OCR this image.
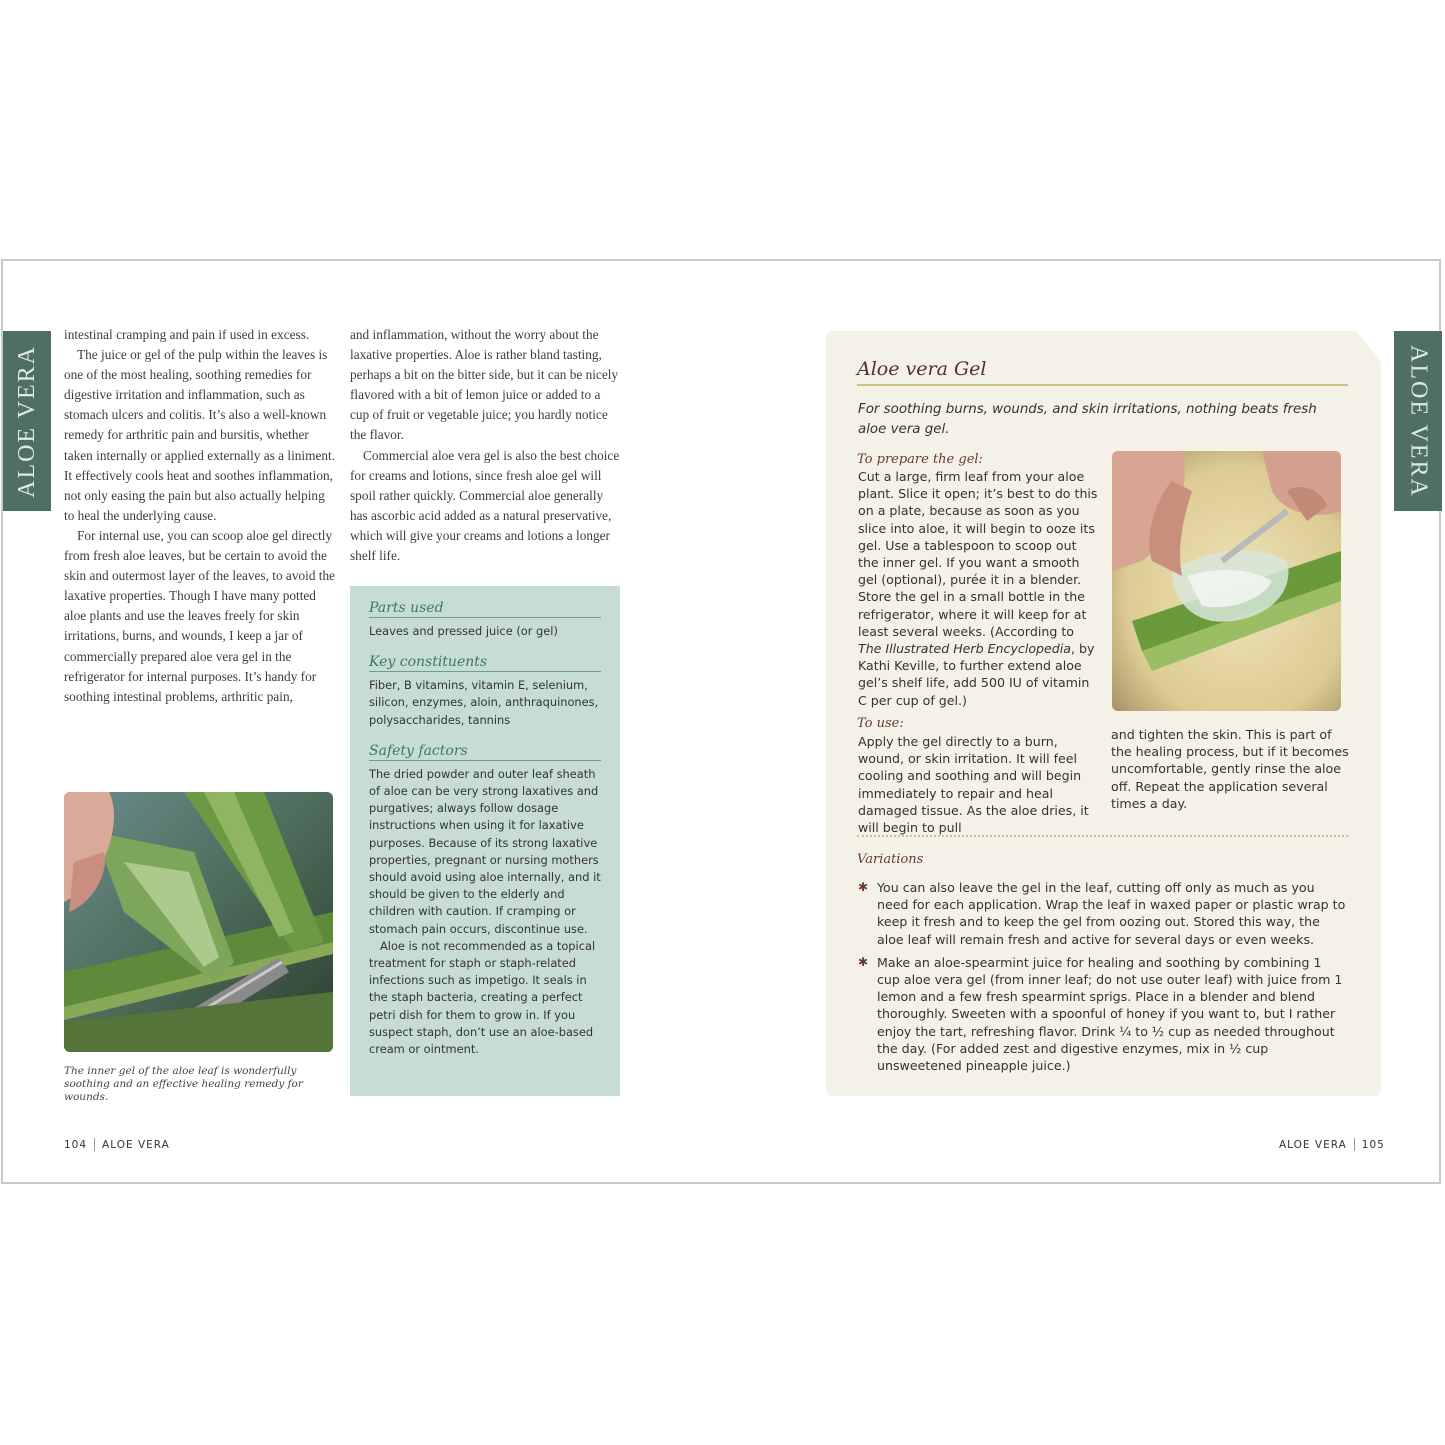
ALOE VERA

intestinal cramping and pain if used in excess.

The juice or gel of the pulp within the leaves is one of the most healing, soothing remedies for digestive irritation and inflammation, such as stomach ulcers and colitis. It’s also a well-known remedy for arthritic pain and bursitis, whether taken internally or applied externally as a liniment. It effectively cools heat and soothes inflammation, not only easing the pain but also actually helping to heal the underlying cause.

For internal use, you can scoop aloe gel directly from fresh aloe leaves, but be certain to avoid the skin and outermost layer of the leaves, to avoid the laxative properties. Though I have many potted aloe plants and use the leaves freely for skin irritations, burns, and wounds, I keep a jar of commercially prepared aloe vera gel in the refrigerator for internal purposes. It’s handy for soothing intestinal problems, arthritic pain,

and inflammation, without the worry about the laxative properties. Aloe is rather bland tasting, perhaps a bit on the bitter side, but it can be nicely flavored with a bit of lemon juice or added to a cup of fruit or vegetable juice; you hardly notice the flavor.

Commercial aloe vera gel is also the best choice for creams and lotions, since fresh aloe gel will spoil rather quickly. Commercial aloe generally has ascorbic acid added as a natural preservative, which will give your creams and lotions a longer shelf life.

The inner gel of the aloe leaf is wonderfully soothing and an effective healing remedy for wounds.
Parts used

Leaves and pressed juice (or gel)

Key constituents

Fiber, B vitamins, vitamin E, selenium, silicon, enzymes, aloin, anthraquinones, polysaccharides, tannins

Safety factors

The dried powder and outer leaf sheath of aloe can be very strong laxatives and purgatives; always follow dosage instructions when using it for laxative purposes. Because of its strong laxative properties, pregnant or nursing mothers should avoid using aloe internally, and it should be given to the elderly and children with caution. If cramping or stomach pain occurs, discontinue use.

Aloe is not recommended as a topical treatment for staph or staph-related infections such as impetigo. It seals in the staph bacteria, creating a perfect petri dish for them to grow in. If you suspect staph, don’t use an aloe-based cream or ointment.

104 ALOE VERA
Aloe vera Gel
For soothing burns, wounds, and skin irritations, nothing beats fresh aloe vera gel.
To prepare the gel:
Cut a large, firm leaf from your aloe plant. Slice it open; it’s best to do this on a plate, because as soon as you slice into aloe, it will begin to ooze its gel. Use a tablespoon to scoop out the inner gel. If you want a smooth gel (optional), purée it in a blender. Store the gel in a small bottle in the refrigerator, where it will keep for at least several weeks. (According to The Illustrated Herb Encyclopedia, by Kathi Keville, to further extend aloe gel’s shelf life, add 500 IU of vitamin C per cup of gel.)
To use:
Apply the gel directly to a burn, wound, or skin irritation. It will feel cooling and soothing and will begin immediately to repair and heal damaged tissue. As the aloe dries, it will begin to pull
and tighten the skin. This is part of the healing process, but if it becomes uncomfortable, gently rinse the aloe off. Repeat the application several times a day.
Variations
✱ You can also leave the gel in the leaf, cutting off only as much as you need for each application. Wrap the leaf in waxed paper or plastic wrap to keep it fresh and to keep the gel from oozing out. Stored this way, the aloe leaf will remain fresh and active for several days or even weeks.
✱ Make an aloe-spearmint juice for healing and soothing by combining 1 cup aloe vera gel (from inner leaf; do not use outer leaf) with juice from 1 lemon and a few fresh spearmint sprigs. Place in a blender and blend thoroughly. Sweeten with a spoonful of honey if you want to, but I rather enjoy the tart, refreshing flavor. Drink ¼ to ½ cup as needed throughout the day. (For added zest and digestive enzymes, mix in ½ cup unsweetened pineapple juice.)
ALOE VERA
ALOE VERA 105
